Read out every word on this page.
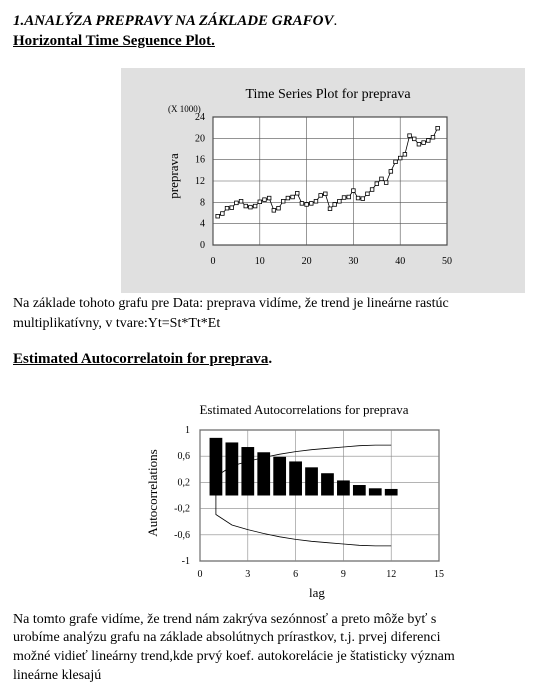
1.ANALÝZA PREPRAVY NA ZÁKLADE GRAFOV.
Horizontal Time Seguence Plot.
Time Series Plot for preprava
(X 1000)
preprava
0	10	20	30	40	50
0
4
8
12
16
20
24
Na základe tohoto grafu pre Data: preprava vidíme, že trend je lineárne rastúc
multiplikatívny, v tvare:Yt=St*Tt*Et
Estimated Autocorrelatoin for preprava.
Estimated Autocorrelations for preprava
Autocorrelations
lag
0	3	6	9	12	15
-1
-0,6
-0,2
0,2
0,6
1
Na tomto grafe vidíme, že trend nám zakrýva sezónnosť a preto môže byť s
urobíme analýzu grafu na základe absolútnych prírastkov, t.j. prvej diferenci
možné vidieť lineárny trend,kde prvý koef. autokorelácie je štatisticky význam
lineárne klesajú
